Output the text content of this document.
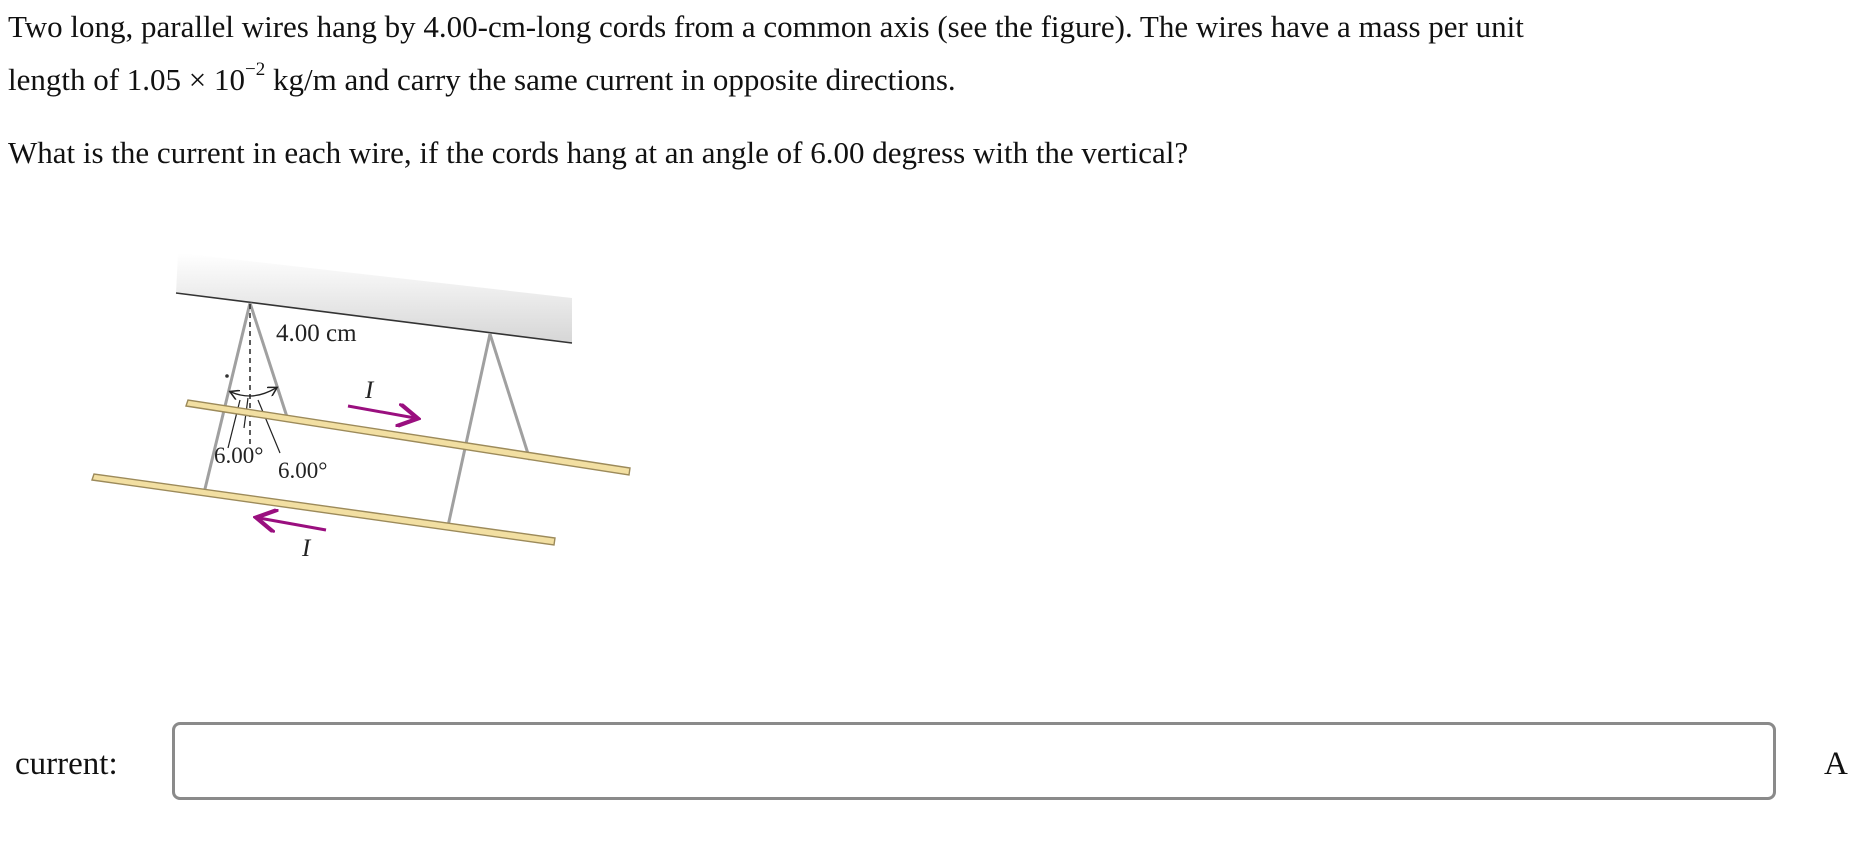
Two long, parallel wires hang by 4.00-cm-long cords from a common axis (see the figure). The wires have a mass per unit
length of $1.05 \times 10^{-2}$ kg/m and carry the same current in opposite directions.

What is the current in each wire, if the cords hang at an angle of 6.00 degress with the vertical?

4.00 cm
I
I
6.00°
6.00°
current:	A
